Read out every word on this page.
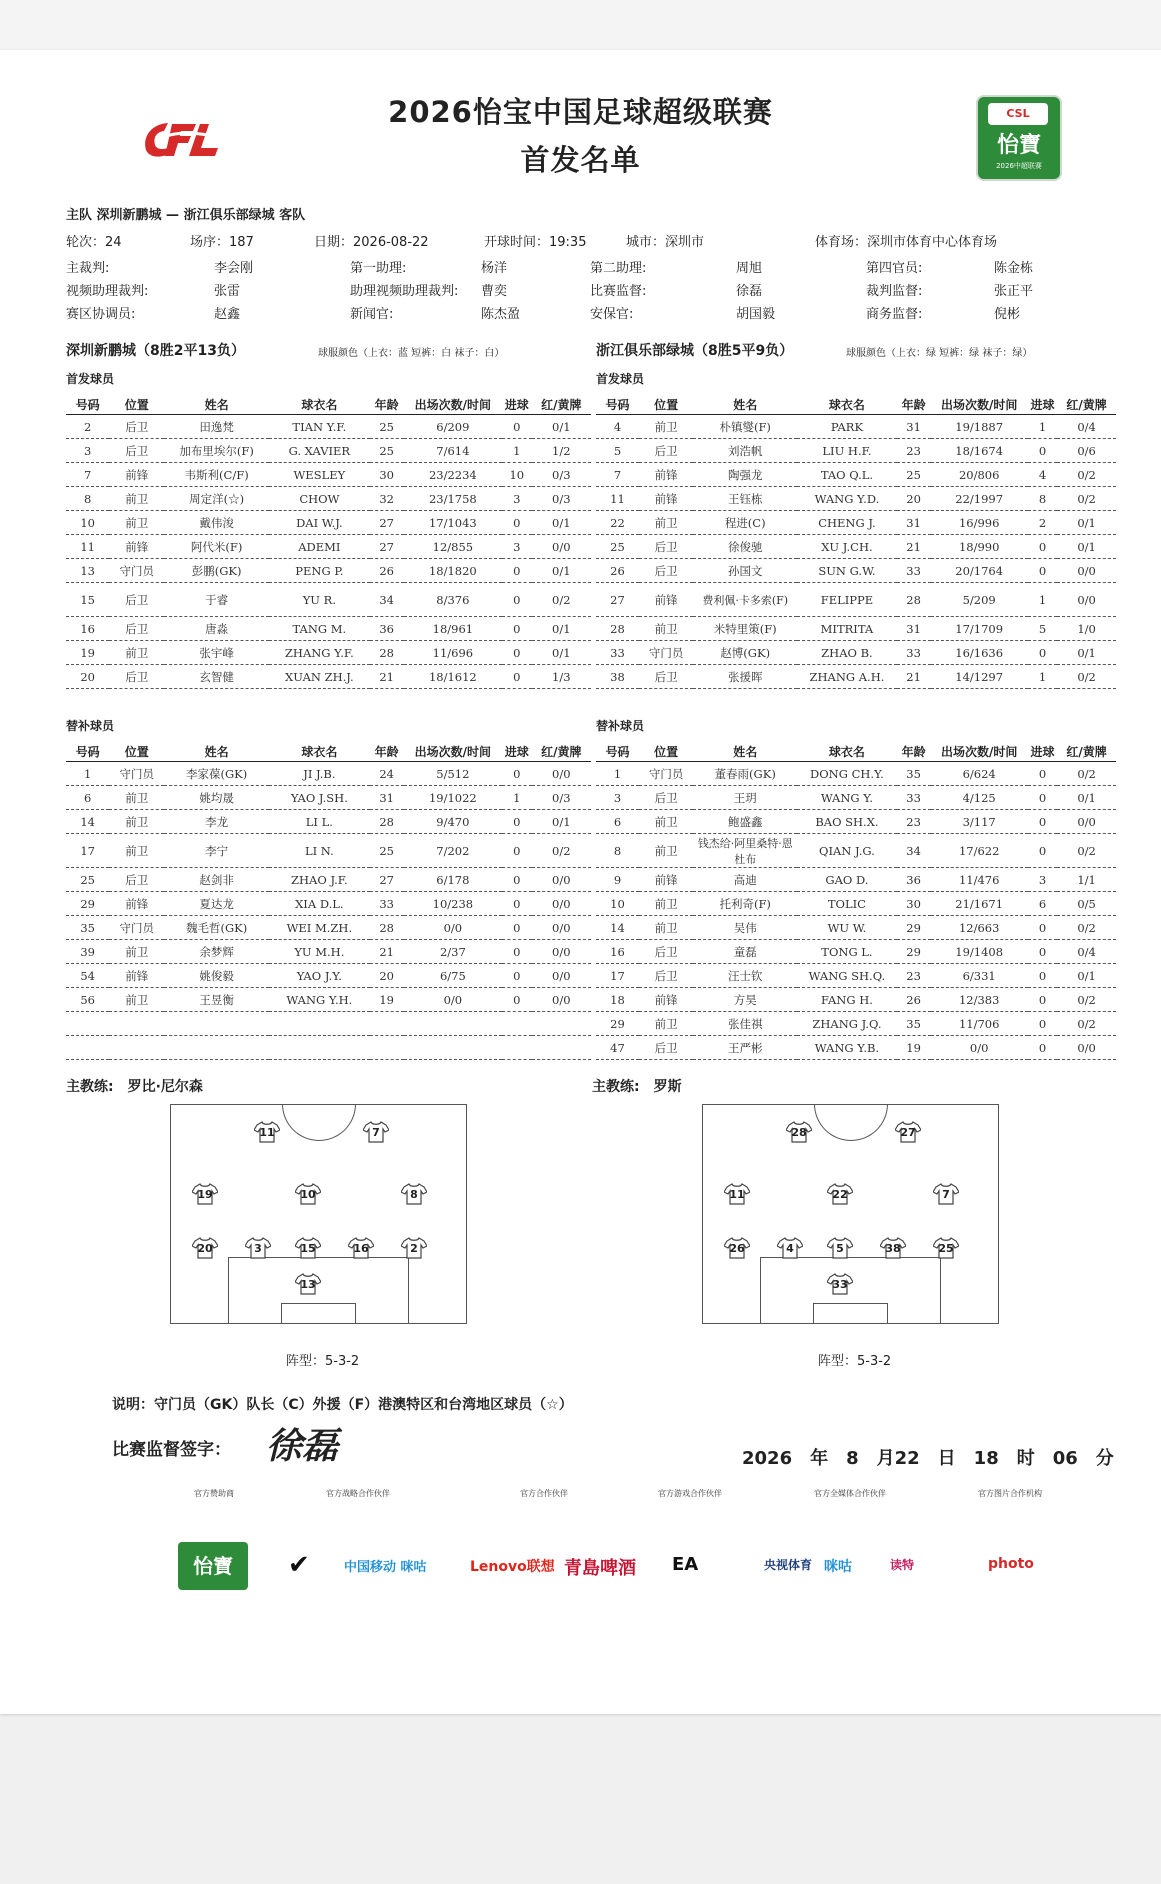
2026怡宝中国足球超级联赛
首发名单
CSL
怡寶
2026中超联赛
主队 深圳新鹏城 — 浙江俱乐部绿城 客队
轮次：24	场序：187	日期：2026-08-22	开球时间：19:35	城市：深圳市	体育场：深圳市体育中心体育场
主裁判:	李会刚	第一助理:	杨洋	第二助理:	周旭	第四官员:	陈金栋
视频助理裁判:	张雷	助理视频助理裁判: 曹奕	比赛监督:	徐磊	裁判监督:	张正平
赛区协调员:	赵鑫	新闻官:	陈杰盈	安保官:	胡国毅	商务监督:	倪彬
深圳新鹏城（8胜2平13负）	球服颜色（上衣：蓝 短裤：白 袜子：白）	浙江俱乐部绿城（8胜5平9负）	球服颜色（上衣：绿 短裤：绿 袜子：绿）
首发球员	首发球员
号码	位置	姓名	球衣名	年龄	出场次数/时间	进球	红/黄牌
2	后卫	田逸梵	TIAN Y.F.	25	6/209	0	0/1
3	后卫	加布里埃尔(F)	G. XAVIER	25	7/614	1	1/2
7	前锋	韦斯利(C/F)	WESLEY	30	23/2234	10	0/3
8	前卫	周定洋(☆)	CHOW	32	23/1758	3	0/3
10	前卫	戴伟浚	DAI W.J.	27	17/1043	0	0/1
11	前锋	阿代米(F)	ADEMI	27	12/855	3	0/0
13	守门员	彭鹏(GK)	PENG P.	26	18/1820	0	0/1
15	后卫	于睿	YU R.	34	8/376	0	0/2
16	后卫	唐淼	TANG M.	36	18/961	0	0/1
19	前卫	张宇峰	ZHANG Y.F.	28	11/696	0	0/1
20	后卫	玄智健	XUAN ZH.J.	21	18/1612	0	1/3
号码	位置	姓名	球衣名	年龄	出场次数/时间	进球	红/黄牌
4	前卫	朴镇燮(F)	PARK	31	19/1887	1	0/4
5	后卫	刘浩帆	LIU H.F.	23	18/1674	0	0/6
7	前锋	陶强龙	TAO Q.L.	25	20/806	4	0/2
11	前锋	王钰栋	WANG Y.D.	20	22/1997	8	0/2
22	前卫	程进(C)	CHENG J.	31	16/996	2	0/1
25	后卫	徐俊驰	XU J.CH.	21	18/990	0	0/1
26	后卫	孙国文	SUN G.W.	33	20/1764	0	0/0
27	前锋	费利佩·卡多索(F)	FELIPPE	28	5/209	1	0/0
28	前卫	米特里策(F)	MITRITA	31	17/1709	5	1/0
33	守门员	赵博(GK)	ZHAO B.	33	16/1636	0	0/1
38	后卫	张援晖	ZHANG A.H.	21	14/1297	1	0/2
替补球员	替补球员
号码	位置	姓名	球衣名	年龄	出场次数/时间	进球	红/黄牌
1	守门员	李家葆(GK)	JI J.B.	24	5/512	0	0/0
6	前卫	姚均晟	YAO J.SH.	31	19/1022	1	0/3
14	前卫	李龙	LI L.	28	9/470	0	0/1
17	前卫	李宁	LI N.	25	7/202	0	0/2
25	后卫	赵剑非	ZHAO J.F.	27	6/178	0	0/0
29	前锋	夏达龙	XIA D.L.	33	10/238	0	0/0
35	守门员	魏毛哲(GK)	WEI M.ZH.	28	0/0	0	0/0
39	前卫	余梦辉	YU M.H.	21	2/37	0	0/0
54	前锋	姚俊毅	YAO J.Y.	20	6/75	0	0/0
56	前卫	王昱衡	WANG Y.H.	19	0/0	0	0/0

号码	位置	姓名	球衣名	年龄	出场次数/时间	进球	红/黄牌
1	守门员	董春雨(GK)	DONG CH.Y.	35	6/624	0	0/2
3	后卫	王玥	WANG Y.	33	4/125	0	0/1
6	前卫	鲍盛鑫	BAO SH.X.	23	3/117	0	0/0
8	前卫	钱杰给·阿里桑特·恩杜布	QIAN J.G.	34	17/622	0	0/2
9	前锋	高迪	GAO D.	36	11/476	3	1/1
10	前卫	托利奇(F)	TOLIC	30	21/1671	6	0/5
14	前卫	吴伟	WU W.	29	12/663	0	0/2
16	后卫	童磊	TONG L.	29	19/1408	0	0/4
17	后卫	汪士钦	WANG SH.Q.	23	6/331	0	0/1
18	前锋	方昊	FANG H.	26	12/383	0	0/2
29	前卫	张佳祺	ZHANG J.Q.	35	11/706	0	0/2
47	后卫	王严彬	WANG Y.B.	19	0/0	0	0/0
主教练:　罗比·尼尔森	主教练:　罗斯
11	7
19	10	8
20	3	15	16	2
13
阵型：5-3-2
28	27
11	22	7
26	4	5	38	25
33
阵型：5-3-2
说明：守门员（GK）队长（C）外援（F）港澳特区和台湾地区球员（☆）
比赛监督签字： 徐磊	2026　年　8　月22　日　18　时　06　分
官方赞助商	官方战略合作伙伴	官方合作伙伴	官方游戏合作伙伴	官方全媒体合作伙伴	官方图片合作机构
怡寶	✔	中国移动 咪咕	Lenovo联想 青島啤酒 EA	央视体育 咪咕	读特	photo
